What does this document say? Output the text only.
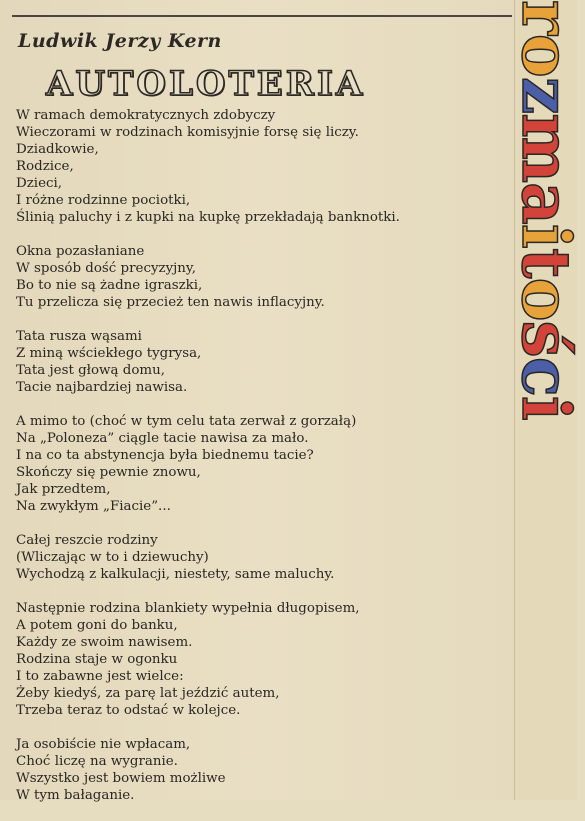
Ludwik Jerzy Kern
AUTOLOTERIA
W ramach demokratycznych zdobyczy
Wieczorami w rodzinach komisyjnie forsę się liczy.
Dziadkowie,
Rodzice,
Dzieci,
I różne rodzinne pociotki,
Ślinią paluchy i z kupki na kupkę przekładają banknotki.
Okna pozasłaniane
W sposób dość precyzyjny,
Bo to nie są żadne igraszki,
Tu przelicza się przecież ten nawis inflacyjny.
Tata rusza wąsami
Z miną wściekłego tygrysa,
Tata jest głową domu,
Tacie najbardziej nawisa.
A mimo to (choć w tym celu tata zerwał z gorzałą)
Na „Poloneza” ciągle tacie nawisa za mało.
I na co ta abstynencja była biednemu tacie?
Skończy się pewnie znowu,
Jak przedtem,
Na zwykłym „Fiacie”...
Całej reszcie rodziny
(Wliczając w to i dziewuchy)
Wychodzą z kalkulacji, niestety, same maluchy.
Następnie rodzina blankiety wypełnia długopisem,
A potem goni do banku,
Każdy ze swoim nawisem.
Rodzina staje w ogonku
I to zabawne jest wielce:
Żeby kiedyś, za parę lat jeździć autem,
Trzeba teraz to odstać w kolejce.
Ja osobiście nie wpłacam,
Choć liczę na wygranie.
Wszystko jest bowiem możliwe
W tym bałaganie.
rozmaitości
